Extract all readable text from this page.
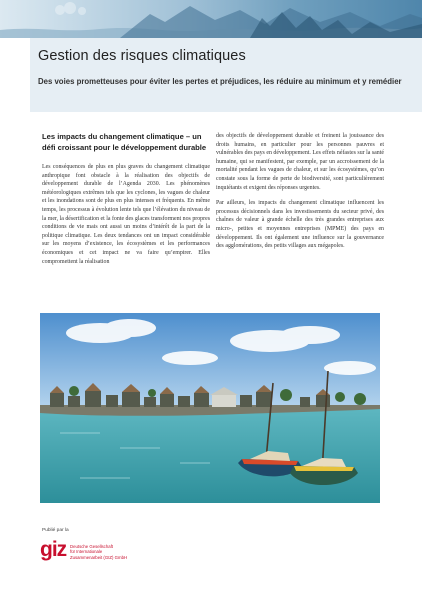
Gestion des risques climatiques

Des voies prometteuses pour éviter les pertes et préjudices, les réduire au minimum et y remédier

Les impacts du changement climatique – un défi croissant pour le développement durable

Les conséquences de plus en plus graves du changement climatique anthropique font obstacle à la réalisation des objectifs de développement durable de l’Agenda 2030. Les phénomènes météorologiques extrêmes tels que les cyclones, les vagues de chaleur et les inondations sont de plus en plus intenses et fréquents. En même temps, les processus à évolution lente tels que l’élévation du niveau de la mer, la désertification et la fonte des glaces transforment nos propres conditions de vie mais ont aussi un moins d’intérêt de la part de la politique climatique. Les deux tendances ont un impact considérable sur les moyens d’existence, les écosystèmes et les performances économiques et cet impact ne va faire qu’empirer. Elles compromettent la réalisation

des objectifs de développement durable et freinent la jouissance des droits humains, en particulier pour les personnes pauvres et vulnérables des pays en développement. Les effets néfastes sur la santé humaine, qui se manifestent, par exemple, par un accroissement de la mortalité pendant les vagues de chaleur, et sur les écosystèmes, qu’on constate sous la forme de perte de biodiversité, sont particulièrement inquiétants et exigent des réponses urgentes.

Par ailleurs, les impacts du changement climatique influencent les processus décisionnels dans les investissements du secteur privé, des chaînes de valeur à grande échelle des très grandes entreprises aux micro-, petites et moyennes entreprises (MPME) des pays en développement. Ils ont également une influence sur la gouvernance des agglomérations, des petits villages aux mégapoles.

Publié par la
giz Deutsche Gesellschaft
für Internationale
Zusammenarbeit (GIZ) GmbH
